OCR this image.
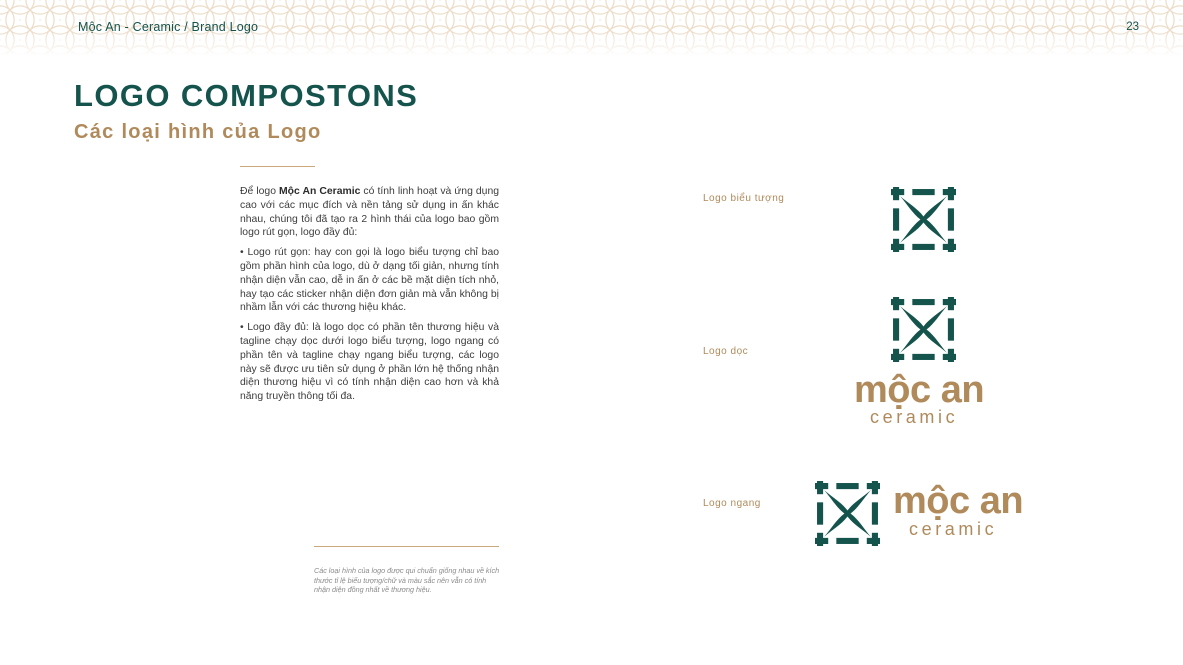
Mộc An - Ceramic / Brand Logo	23
LOGO COMPOSTONS
Các loại hình của Logo

Để logo Mộc An Ceramic có tính linh hoạt và ứng dụng cao với các mục đích và nền tảng sử dụng in ấn khác nhau, chúng tôi đã tạo ra 2 hình thái của logo bao gồm logo rút gọn, logo đầy đủ:

• Logo rút gọn: hay con gọi là logo biểu tượng chỉ bao gồm phần hình của logo, dù ở dạng tối giản, nhưng tính nhận diện vẫn cao, dễ in ấn ở các bề mặt diện tích nhỏ, hay tạo các sticker nhận diện đơn giản mà vẫn không bị nhầm lẫn với các thương hiệu khác.

• Logo đầy đủ: là logo dọc có phần tên thương hiệu và tagline chạy dọc dưới logo biểu tượng, logo ngang có phần tên và tagline chạy ngang biểu tượng, các logo này sẽ được ưu tiên sử dụng ở phần lớn hệ thống nhận diện thương hiệu vì có tính nhận diện cao hơn và khả năng truyền thông tối đa.

Các loại hình của logo được qui chuẩn giống nhau về kích thước tỉ lệ biểu tượng/chữ và màu sắc nên vẫn có tính nhận diện đồng nhất về thương hiệu.

Logo biểu tượng
Logo dọc
Logo ngang

mộc an

ceramic

mộc an

ceramic
